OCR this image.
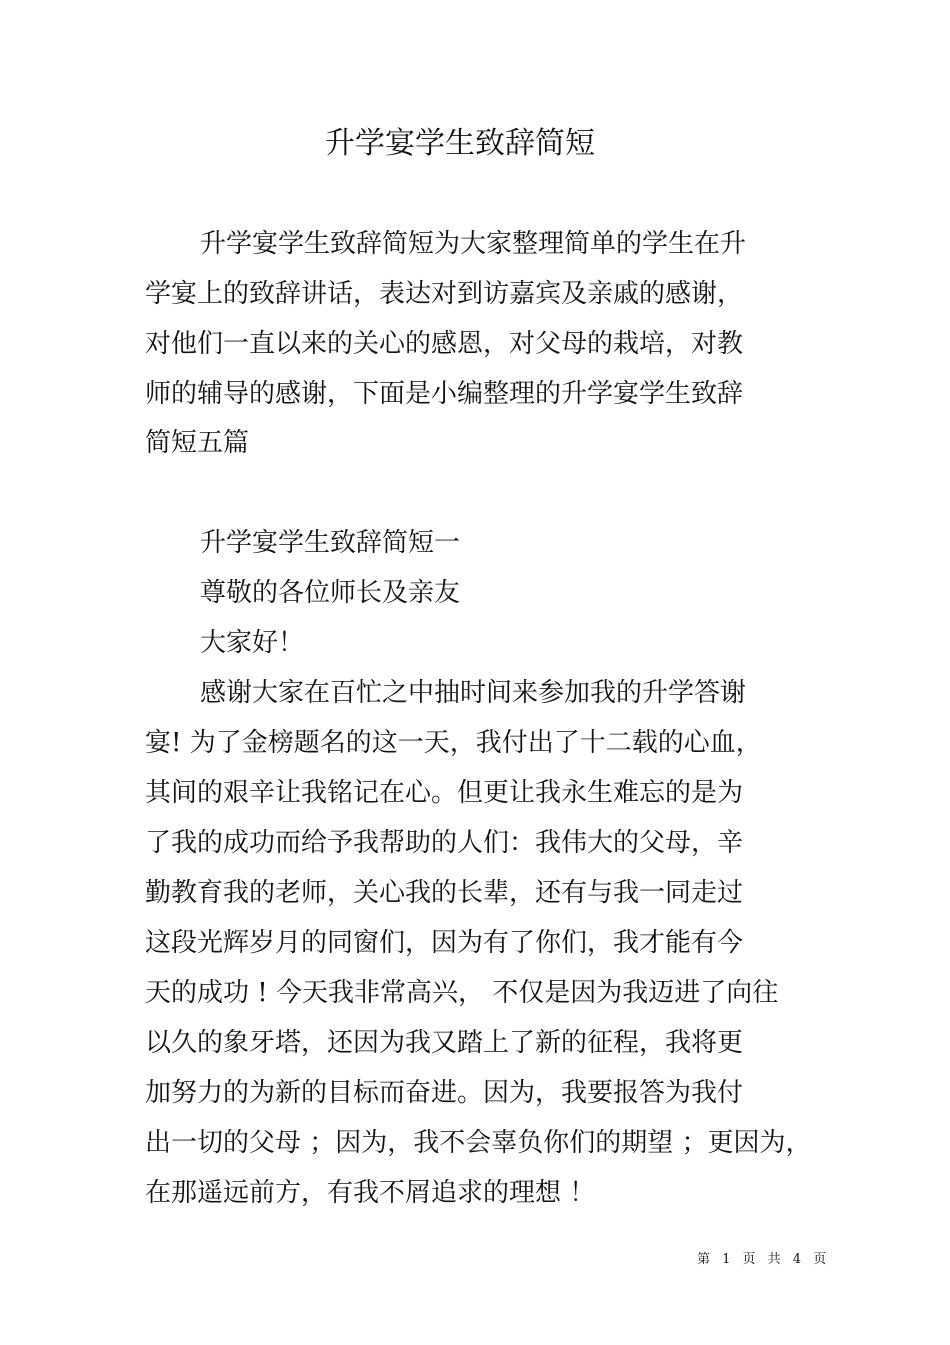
升学宴学生致辞简短

升学宴学生致辞简短为大家整理简单的学生在升

学宴上的致辞讲话，表达对到访嘉宾及亲戚的感谢，

对他们一直以来的关心的感恩，对父母的栽培，对教

师的辅导的感谢，下面是小编整理的升学宴学生致辞

简短五篇

升学宴学生致辞简短一

尊敬的各位师长及亲友

大家好！

感谢大家在百忙之中抽时间来参加我的升学答谢

宴! 为了金榜题名的这一天，我付出了十二载的心血，

其间的艰辛让我铭记在心。但更让我永生难忘的是为

了我的成功而给予我帮助的人们：我伟大的父母，辛

勤教育我的老师，关心我的长辈，还有与我一同走过

这段光辉岁月的同窗们，因为有了你们，我才能有今

天的成功 ! 今天我非常高兴， 不仅是因为我迈进了向往

以久的象牙塔，还因为我又踏上了新的征程，我将更

加努力的为新的目标而奋进。因为，我要报答为我付

出一切的父母 ；因为，我不会辜负你们的期望 ；更因为，

在那遥远前方，有我不屑追求的理想 ！

第 1 页 共 4 页
